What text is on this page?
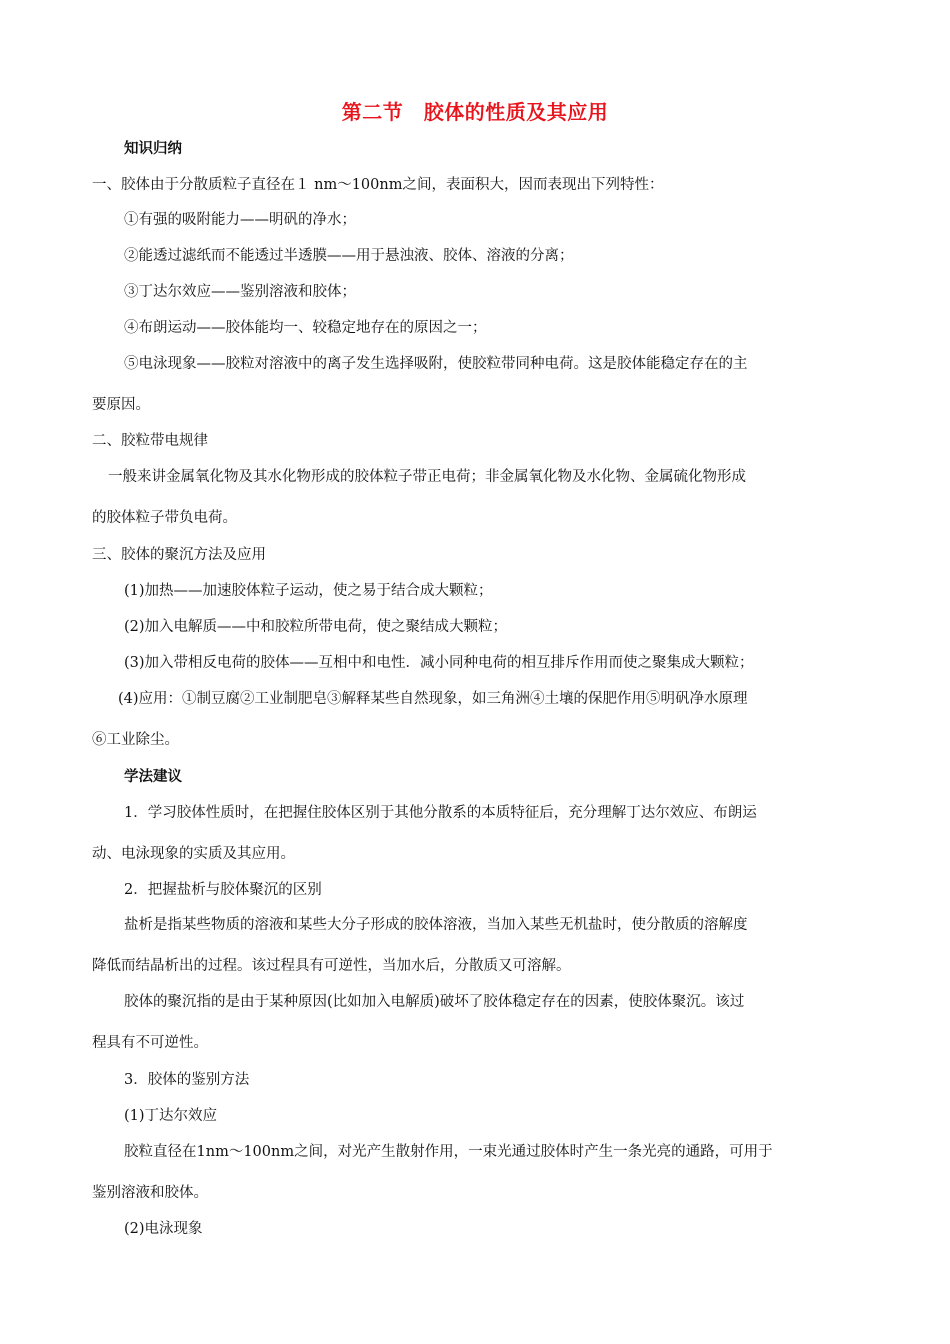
第二节　胶体的性质及其应用
知识归纳
一、胶体由于分散质粒子直径在１ nm～100nm之间，表面积大，因而表现出下列特性：
①有强的吸附能力——明矾的净水；
②能透过滤纸而不能透过半透膜——用于悬浊液、胶体、溶液的分离；
③丁达尔效应——鉴别溶液和胶体；
④布朗运动——胶体能均一、较稳定地存在的原因之一；
⑤电泳现象——胶粒对溶液中的离子发生选择吸附，使胶粒带同种电荷。这是胶体能稳定存在的主
要原因。
二、胶粒带电规律
一般来讲金属氧化物及其水化物形成的胶体粒子带正电荷；非金属氧化物及水化物、金属硫化物形成
的胶体粒子带负电荷。
三、胶体的聚沉方法及应用
(1)加热——加速胶体粒子运动，使之易于结合成大颗粒；
(2)加入电解质——中和胶粒所带电荷，使之聚结成大颗粒；
(3)加入带相反电荷的胶体——互相中和电性．减小同种电荷的相互排斥作用而使之聚集成大颗粒；
(4)应用：①制豆腐②工业制肥皂③解释某些自然现象，如三角洲④土壤的保肥作用⑤明矾净水原理
⑥工业除尘。
学法建议
1．学习胶体性质时，在把握住胶体区别于其他分散系的本质特征后，充分理解丁达尔效应、布朗运
动、电泳现象的实质及其应用。
2．把握盐析与胶体聚沉的区别
盐析是指某些物质的溶液和某些大分子形成的胶体溶液，当加入某些无机盐时，使分散质的溶解度
降低而结晶析出的过程。该过程具有可逆性，当加水后，分散质又可溶解。
胶体的聚沉指的是由于某种原因(比如加入电解质)破坏了胶体稳定存在的因素，使胶体聚沉。该过
程具有不可逆性。
3．胶体的鉴别方法
(1)丁达尔效应
胶粒直径在1nm～100nm之间，对光产生散射作用，一束光通过胶体时产生一条光亮的通路，可用于
鉴别溶液和胶体。
(2)电泳现象
